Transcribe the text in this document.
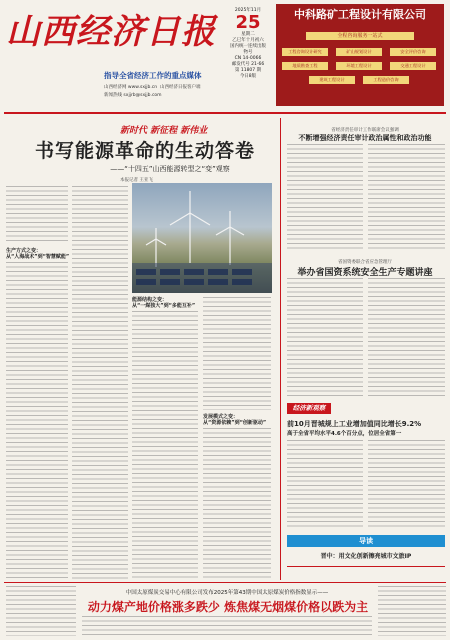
山西经济日报
指导全省经济工作的重点媒体
山西经济网 www.sxjjb.cn 山西经济日报客户端
新闻热线 sxjjrb@sxjjb.com
2025年11月
25
星期二
乙巳年十月初六
国内统一连续出版物号
CN 14-0066
邮发代号 21-66
第 11807 期
今日8版
中科路矿工程设计有限公司
全程咨询服务一站式
工程咨询设计研究	矿山规划设计	安全评价咨询
地质勘查工程	环境工程设计	交通工程设计
建筑工程设计	工程造价咨询
新时代 新征程 新伟业
书写能源革命的生动答卷
——“十四五”山西能源转型之“变”观察
本报记者 王亚飞
生产方式之变：
从“人海战术”到“智慧赋能”
能源结构之变：
从“一煤独大”到“多能互补”
发展模式之变：
从“资源依赖”到“创新驱动”
省经济责任审计工作联席会议强调
不断增强经济责任审计政治属性和政治功能
省国资委联合省应急管理厅
举办省国资系统安全生产专题讲座
经济新观察
前10月晋城规上工业增加值同比增长9.2%
高于全省平均水平4.6个百分点，位居全省第一
导读
晋中：用文化创新擦亮城市文旅IP
中国太原煤炭交易中心有限公司发布2025年第43期中国太原煤炭价格指数显示——
动力煤产地价格涨多跌少 炼焦煤无烟煤价格以跌为主
